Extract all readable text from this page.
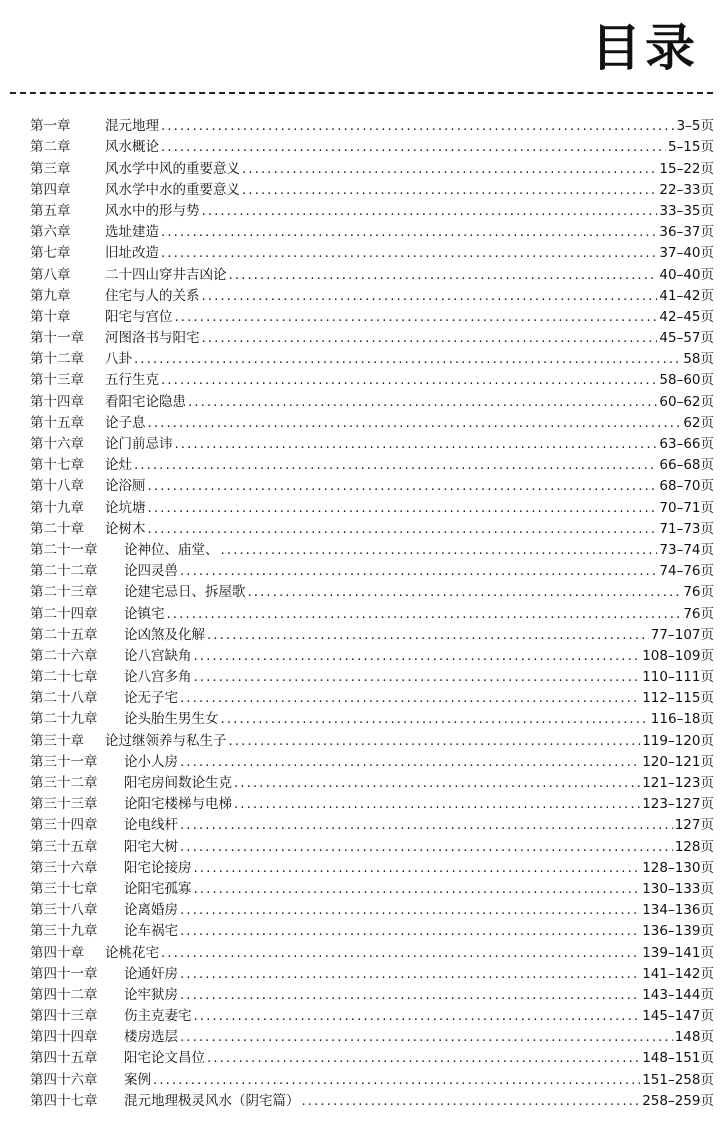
目录
第一章	混元地理 .....	3–5页
第二章	风水概论 .....	5–15页
第三章	风水学中风的重要意义 .....	15–22页
第四章	风水学中水的重要意义 .....	22–33页
第五章	风水中的形与势 .....	33–35页
第六章	选址建造 .....	36–37页
第七章	旧址改造 .....	37–40页
第八章	二十四山穿井吉凶论 .....	40–40页
第九章	住宅与人的关系 .....	41–42页
第十章	阳宅与宫位 .....	42–45页
第十一章	河图洛书与阳宅 .....	45–57页
第十二章	八卦 .....	58页
第十三章	五行生克 .....	58–60页
第十四章	看阳宅论隐患 .....	60–62页
第十五章	论子息 .....	62页
第十六章	论门前忌讳 .....	63–66页
第十七章	论灶 .....	66–68页
第十八章	论浴厕 .....	68–70页
第十九章	论坑塘 .....	70–71页
第二十章	论树木 .....	71–73页
第二十一章	论神位、庙堂、 .....	73–74页
第二十二章	论四灵兽 .....	74–76页
第二十三章	论建宅忌日、拆屋歌 .....	76页
第二十四章	论镇宅 .....	76页
第二十五章	论凶煞及化解 .....	77–107页
第二十六章	论八宫缺角 .....	108–109页
第二十七章	论八宫多角 .....	110–111页
第二十八章	论无子宅 .....	112–115页
第二十九章	论头胎生男生女 .....	116–18页
第三十章	论过继领养与私生子 .....	119–120页
第三十一章	论小人房 .....	120–121页
第三十二章	阳宅房间数论生克 .....	121–123页
第三十三章	论阳宅楼梯与电梯 .....	123–127页
第三十四章	论电线杆 .....	127页
第三十五章	阳宅大树 .....	128页
第三十六章	阳宅论接房 .....	128–130页
第三十七章	论阳宅孤寡 .....	130–133页
第三十八章	论离婚房 .....	134–136页
第三十九章	论车祸宅 .....	136–139页
第四十章	论桃花宅 .....	139–141页
第四十一章	论通奸房 .....	141–142页
第四十二章	论牢狱房 .....	143–144页
第四十三章	伤主克妻宅 .....	145–147页
第四十四章	楼房选层 .....	148页
第四十五章	阳宅论文昌位 .....	148–151页
第四十六章	案例 .....	151–258页
第四十七章	混元地理极灵风水（阴宅篇） .....	258–259页
